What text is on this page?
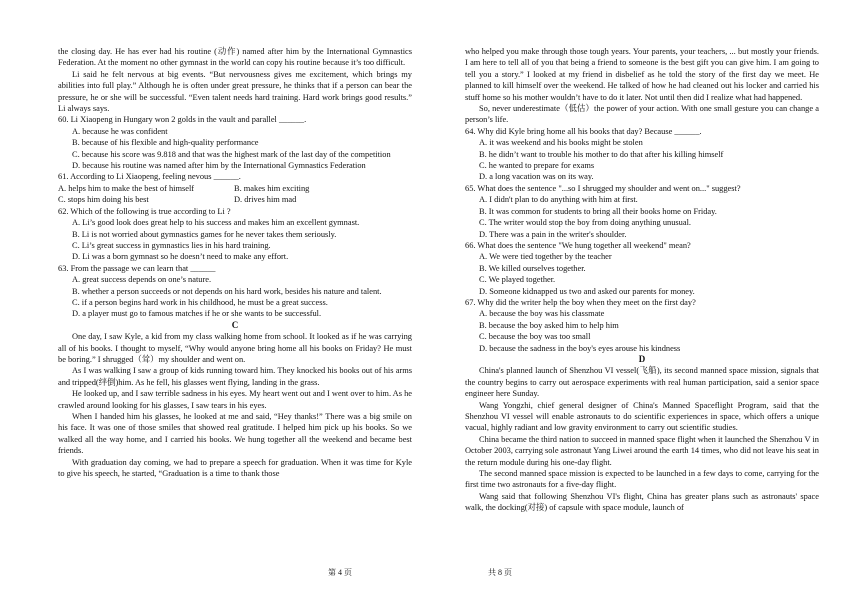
the closing day. He has ever had his routine (动作) named after him by the International Gymnastics Federation. At the moment no other gymnast in the world can copy his routine because it’s too difficult.

Li said he felt nervous at big events. “But nervousness gives me excitement, which brings my abilities into full play.” Although he is often under great pressure, he thinks that if a person can bear the pressure, he or she will be successful. “Even talent needs hard training. Hard work brings good results.” Li always says.

60. Li Xiaopeng in Hungary won 2 golds in the vault and parallel ______.

A. because he was confident

B. because of his flexible and high-quality performance

C. because his score was 9.818 and that was the highest mark of the last day of the competition

D. because his routine was named after him by the International Gymnastics Federation

61. According to Li Xiaopeng, feeling nevous ______.

A. helps him to make the best of himself	B. makes him exciting

C. stops him doing his best	D. drives him mad

62. Which of the following is true according to Li ?

A. Li’s good look does great help to his success and makes him an excellent gymnast.

B. Li is not worried about gymnastics games for he never takes them seriously.

C. Li’s great success in gymnastics lies in his hard training.

D. Li was a born gymnast so he doesn’t need to make any effort.

63. From the passage we can learn that ______

A. great success depends on one’s nature.

B. whether a person succeeds or not depends on his hard work, besides his nature and talent.

C. if a person begins hard work in his childhood, he must be a great success.

D. a player must go to famous matches if he or she wants to be successful.

C

One day, I saw Kyle, a kid from my class walking home from school. It looked as if he was carrying all of his books. I thought to myself, “Why would anyone bring home all his books on Friday? He must be boring.” I shrugged（耸）my shoulder and went on.

As I was walking I saw a group of kids running toward him. They knocked his books out of his arms and tripped(绊倒)him. As he fell, his glasses went flying, landing in the grass.

He looked up, and I saw terrible sadness in his eyes. My heart went out and I went over to him. As he crawled around looking for his glasses, I saw tears in his eyes.

When I handed him his glasses, he looked at me and said, “Hey thanks!” There was a big smile on his face. It was one of those smiles that showed real gratitude. I helped him pick up his books. So we walked all the way home, and I carried his books. We hung together all the weekend and became best friends.

With graduation day coming, we had to prepare a speech for graduation. When it was time for Kyle to give his speech, he started, “Graduation is a time to thank those

who helped you make through those tough years. Your parents, your teachers, ... but mostly your friends. I am here to tell all of you that being a friend to someone is the best gift you can give him. I am going to tell you a story.” I looked at my friend in disbelief as he told the story of the first day we meet. He planned to kill himself over the weekend. He talked of how he had cleaned out his locker and carried his stuff home so his mother wouldn’t have to do it later. Not until then did I realize what had happened.

So, never underestimate（低估）the power of your action. With one small gesture you can change a person’s life.

64. Why did Kyle bring home all his books that day? Because ______.

A. it was weekend and his books might be stolen

B. he didn’t want to trouble his mother to do that after his killing himself

C. he wanted to prepare for exams

D. a long vacation was on its way.

65. What does the sentence "...so I shrugged my shoulder and went on..." suggest?

A. I didn't plan to do anything with him at first.

B. It was common for students to bring all their books home on Friday.

C. The writer would stop the boy from doing anything unusual.

D. There was a pain in the writer's shoulder.

66. What does the sentence "We hung together all weekend" mean?

A. We were tied together by the teacher

B. We killed ourselves together.

C. We played together.

D. Someone kidnapped us two and asked our parents for money.

67. Why did the writer help the boy when they meet on the first day?

A. because the boy was his classmate

B. because the boy asked him to help him

C. because the boy was too small

D. because the sadness in the boy's eyes arouse his kindness

D

China's planned launch of Shenzhou VI vessel(飞船), its second manned space mission, signals that the country begins to carry out aerospace experiments with real human participation, said a senior space engineer here Sunday.

Wang Yongzhi, chief general designer of China's Manned Spaceflight Program, said that the Shenzhou VI vessel will enable astronauts to do scientific experiences in space, which offers a unique vacual, highly radiant and low gravity environment to carry out scientific studies.

China became the third nation to succeed in manned space flight when it launched the Shenzhou V in October 2003, carrying sole astronaut Yang Liwei around the earth 14 times, who did not leave his seat in the return module during his one-day flight.

The second manned space mission is expected to be launched in a few days to come, carrying for the first time two astronauts for a five-day flight.

Wang said that following Shenzhou VI's flight, China has greater plans such as astronauts' space walk, the docking(对接) of capsule with space module, launch of

第 4 页	共 8 页
